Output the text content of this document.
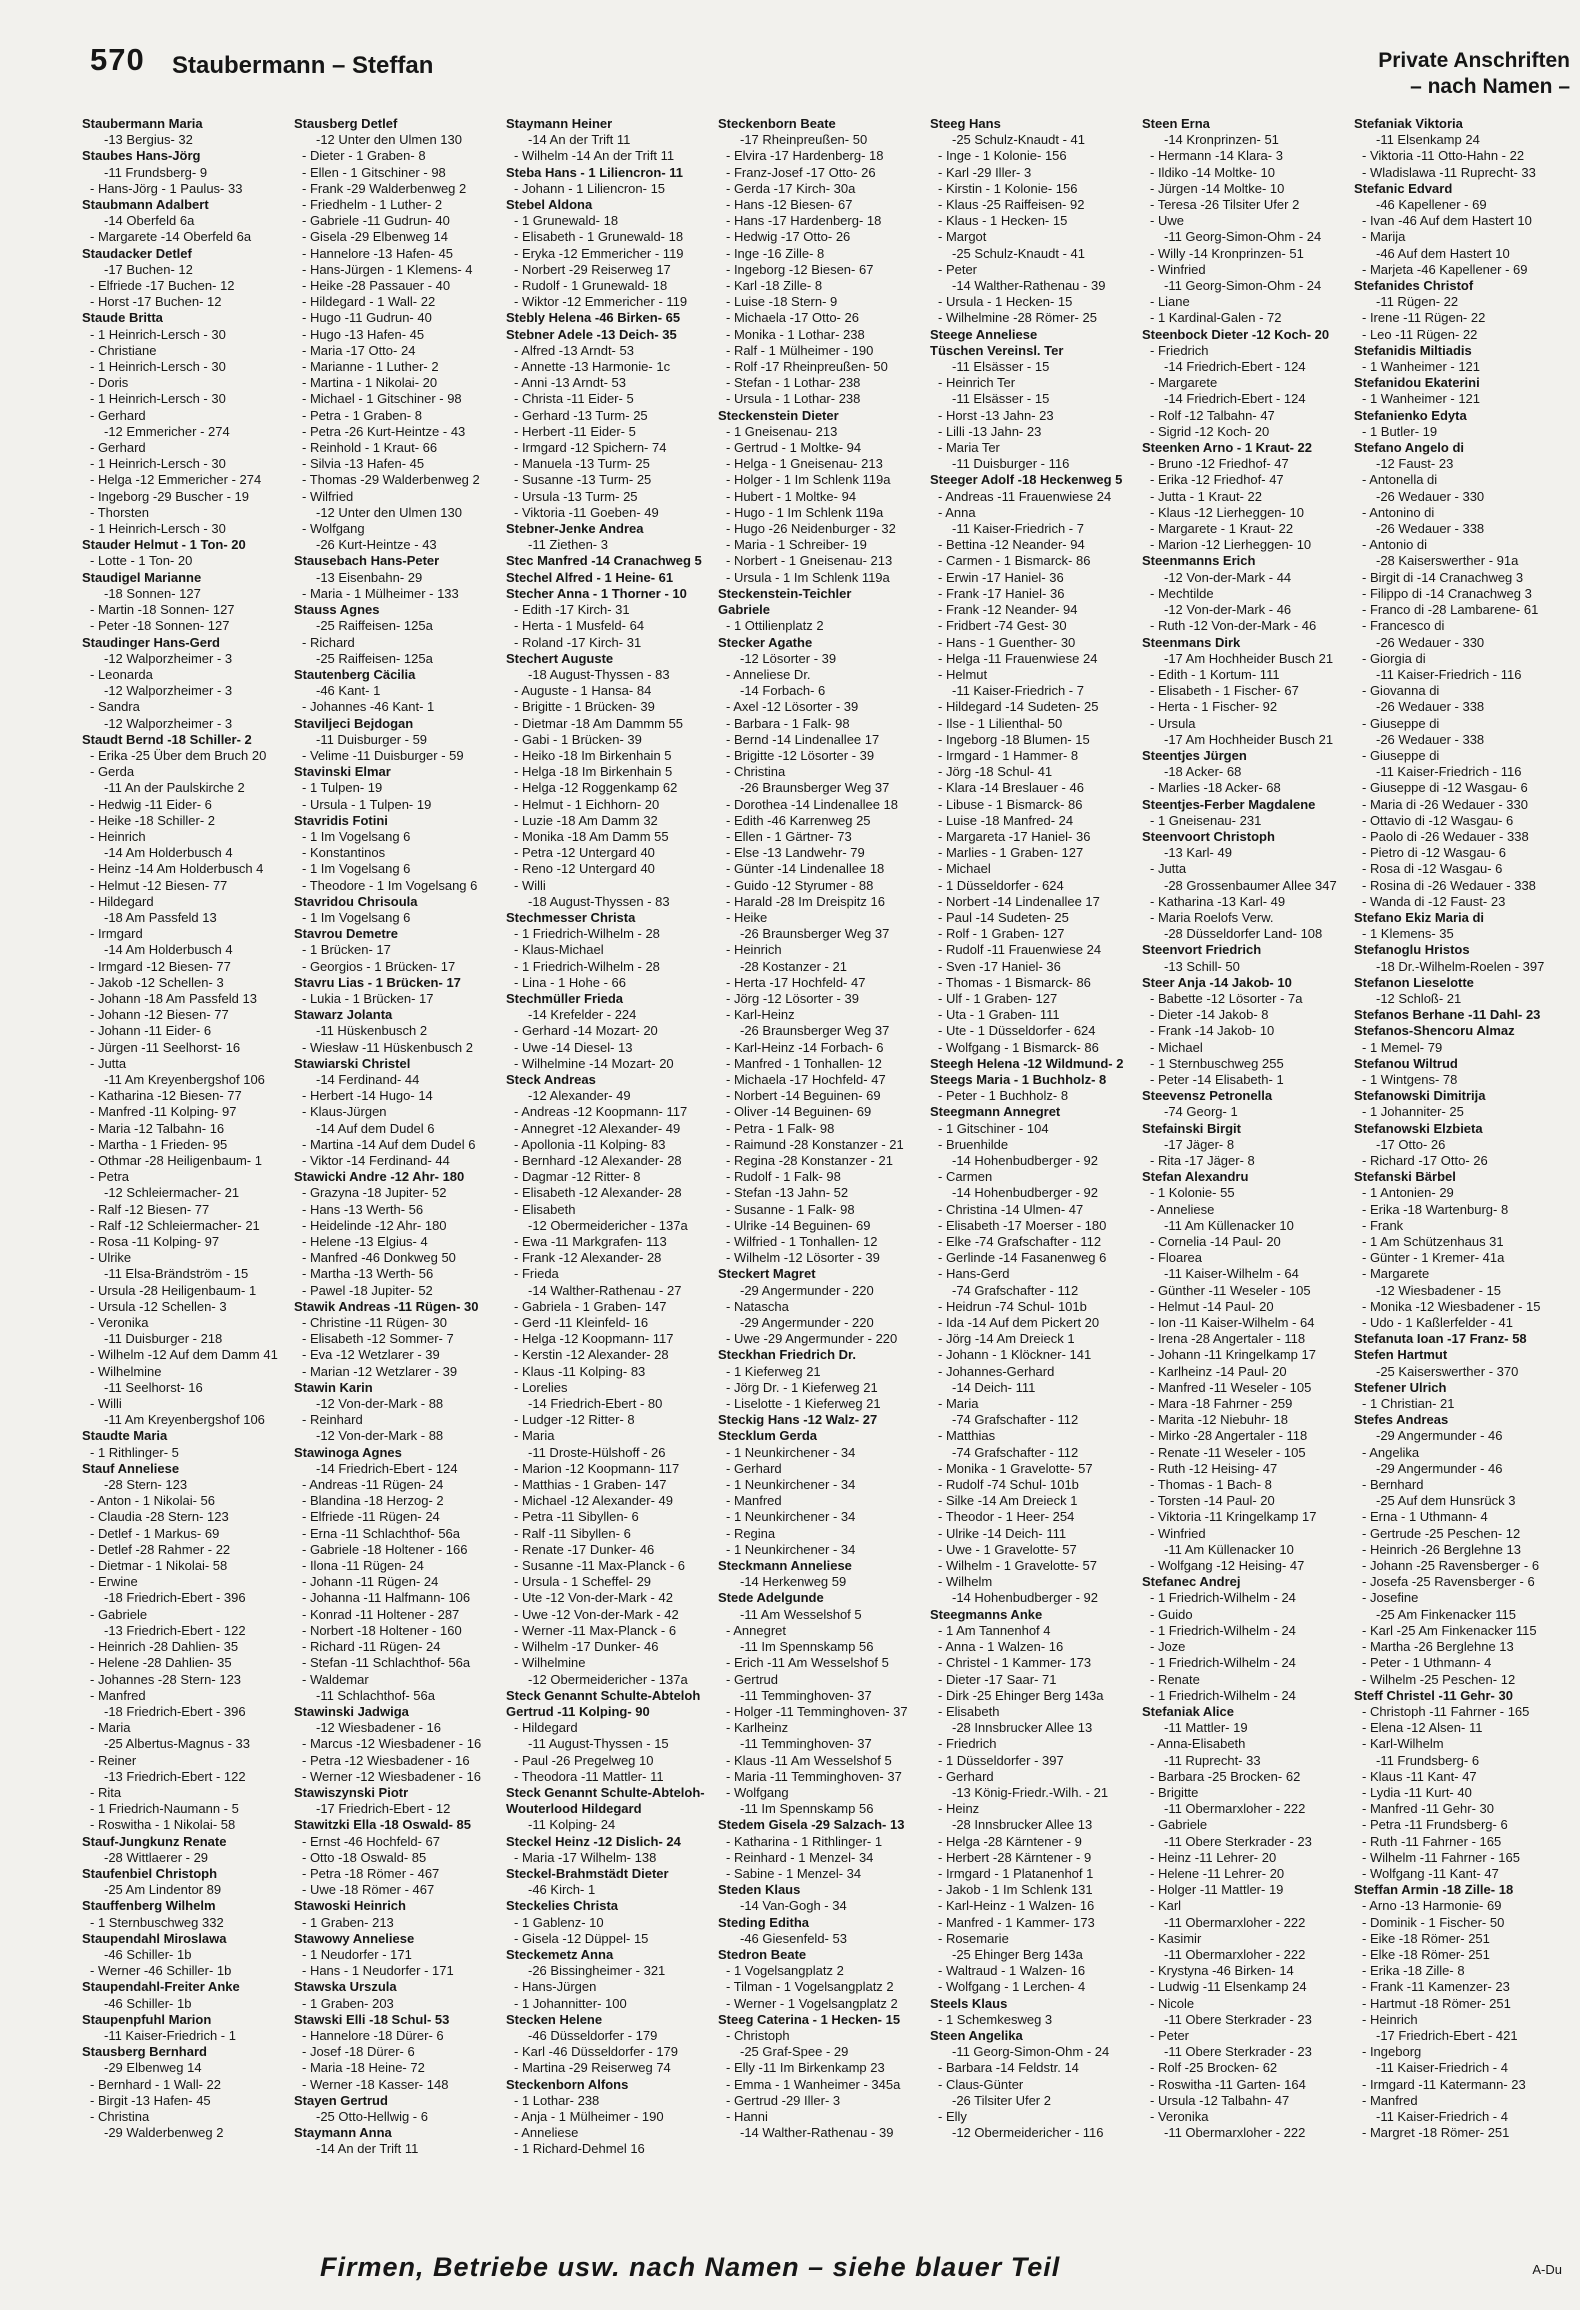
570 Staubermann – Steffan	Private Anschriften
– nach Namen –
Staubermann Maria
-13 Bergius- 32
Staubes Hans-Jörg
-11 Frundsberg- 9
- Hans-Jörg - 1 Paulus- 33
Staubmann Adalbert
-14 Oberfeld 6a
- Margarete -14 Oberfeld 6a
Staudacker Detlef
-17 Buchen- 12
- Elfriede -17 Buchen- 12
- Horst -17 Buchen- 12
Staude Britta
- 1 Heinrich-Lersch - 30
- Christiane
- 1 Heinrich-Lersch - 30
- Doris
- 1 Heinrich-Lersch - 30
- Gerhard
-12 Emmericher - 274
- Gerhard
- 1 Heinrich-Lersch - 30
- Helga -12 Emmericher - 274
- Ingeborg -29 Buscher - 19
- Thorsten
- 1 Heinrich-Lersch - 30
Stauder Helmut - 1 Ton- 20
- Lotte - 1 Ton- 20
Staudigel Marianne
-18 Sonnen- 127
- Martin -18 Sonnen- 127
- Peter -18 Sonnen- 127
Staudinger Hans-Gerd
-12 Walporzheimer - 3
- Leonarda
-12 Walporzheimer - 3
- Sandra
-12 Walporzheimer - 3
Staudt Bernd -18 Schiller- 2
- Erika -25 Über dem Bruch 20
- Gerda
-11 An der Paulskirche 2
- Hedwig -11 Eider- 6
- Heike -18 Schiller- 2
- Heinrich
-14 Am Holderbusch 4
- Heinz -14 Am Holderbusch 4
- Helmut -12 Biesen- 77
- Hildegard
-18 Am Passfeld 13
- Irmgard
-14 Am Holderbusch 4
- Irmgard -12 Biesen- 77
- Jakob -12 Schellen- 3
- Johann -18 Am Passfeld 13
- Johann -12 Biesen- 77
- Johann -11 Eider- 6
- Jürgen -11 Seelhorst- 16
- Jutta
-11 Am Kreyenbergshof 106
- Katharina -12 Biesen- 77
- Manfred -11 Kolping- 97
- Maria -12 Talbahn- 16
- Martha - 1 Frieden- 95
- Othmar -28 Heiligenbaum- 1
- Petra
-12 Schleiermacher- 21
- Ralf -12 Biesen- 77
- Ralf -12 Schleiermacher- 21
- Rosa -11 Kolping- 97
- Ulrike
-11 Elsa-Brändström - 15
- Ursula -28 Heiligenbaum- 1
- Ursula -12 Schellen- 3
- Veronika
-11 Duisburger - 218
- Wilhelm -12 Auf dem Damm 41
- Wilhelmine
-11 Seelhorst- 16
- Willi
-11 Am Kreyenbergshof 106
Staudte Maria
- 1 Rithlinger- 5
Stauf Anneliese
-28 Stern- 123
- Anton - 1 Nikolai- 56
- Claudia -28 Stern- 123
- Detlef - 1 Markus- 69
- Detlef -28 Rahmer - 22
- Dietmar - 1 Nikolai- 58
- Erwine
-18 Friedrich-Ebert - 396
- Gabriele
-13 Friedrich-Ebert - 122
- Heinrich -28 Dahlien- 35
- Helene -28 Dahlien- 35
- Johannes -28 Stern- 123
- Manfred
-18 Friedrich-Ebert - 396
- Maria
-25 Albertus-Magnus - 33
- Reiner
-13 Friedrich-Ebert - 122
- Rita
- 1 Friedrich-Naumann - 5
- Roswitha - 1 Nikolai- 58
Stauf-Jungkunz Renate
-28 Wittlaerer - 29
Staufenbiel Christoph
-25 Am Lindentor 89
Stauffenberg Wilhelm
- 1 Sternbuschweg 332
Staupendahl Miroslawa
-46 Schiller- 1b
- Werner -46 Schiller- 1b
Staupendahl-Freiter Anke
-46 Schiller- 1b
Staupenpfuhl Marion
-11 Kaiser-Friedrich - 1
Stausberg Bernhard
-29 Elbenweg 14
- Bernhard - 1 Wall- 22
- Birgit -13 Hafen- 45
- Christina
-29 Walderbenweg 2
Stausberg Detlef
-12 Unter den Ulmen 130
- Dieter - 1 Graben- 8
- Ellen - 1 Gitschiner - 98
- Frank -29 Walderbenweg 2
- Friedhelm - 1 Luther- 2
- Gabriele -11 Gudrun- 40
- Gisela -29 Elbenweg 14
- Hannelore -13 Hafen- 45
- Hans-Jürgen - 1 Klemens- 4
- Heike -28 Passauer - 40
- Hildegard - 1 Wall- 22
- Hugo -11 Gudrun- 40
- Hugo -13 Hafen- 45
- Maria -17 Otto- 24
- Marianne - 1 Luther- 2
- Martina - 1 Nikolai- 20
- Michael - 1 Gitschiner - 98
- Petra - 1 Graben- 8
- Petra -26 Kurt-Heintze - 43
- Reinhold - 1 Kraut- 66
- Silvia -13 Hafen- 45
- Thomas -29 Walderbenweg 2
- Wilfried
-12 Unter den Ulmen 130
- Wolfgang
-26 Kurt-Heintze - 43
Stausebach Hans-Peter
-13 Eisenbahn- 29
- Maria - 1 Mülheimer - 133
Stauss Agnes
-25 Raiffeisen- 125a
- Richard
-25 Raiffeisen- 125a
Stautenberg Cäcilia
-46 Kant- 1
- Johannes -46 Kant- 1
Staviljeci Bejdogan
-11 Duisburger - 59
- Velime -11 Duisburger - 59
Stavinski Elmar
- 1 Tulpen- 19
- Ursula - 1 Tulpen- 19
Stavridis Fotini
- 1 Im Vogelsang 6
- Konstantinos
- 1 Im Vogelsang 6
- Theodore - 1 Im Vogelsang 6
Stavridou Chrisoula
- 1 Im Vogelsang 6
Stavrou Demetre
- 1 Brücken- 17
- Georgios - 1 Brücken- 17
Stavru Lias - 1 Brücken- 17
- Lukia - 1 Brücken- 17
Stawarz Jolanta
-11 Hüskenbusch 2
- Wiesław -11 Hüskenbusch 2
Stawiarski Christel
-14 Ferdinand- 44
- Herbert -14 Hugo- 14
- Klaus-Jürgen
-14 Auf dem Dudel 6
- Martina -14 Auf dem Dudel 6
- Viktor -14 Ferdinand- 44
Stawicki Andre -12 Ahr- 180
- Grazyna -18 Jupiter- 52
- Hans -13 Werth- 56
- Heidelinde -12 Ahr- 180
- Helene -13 Elgius- 4
- Manfred -46 Donkweg 50
- Martha -13 Werth- 56
- Pawel -18 Jupiter- 52
Stawik Andreas -11 Rügen- 30
- Christine -11 Rügen- 30
- Elisabeth -12 Sommer- 7
- Eva -12 Wetzlarer - 39
- Marian -12 Wetzlarer - 39
Stawin Karin
-12 Von-der-Mark - 88
- Reinhard
-12 Von-der-Mark - 88
Stawinoga Agnes
-14 Friedrich-Ebert - 124
- Andreas -11 Rügen- 24
- Blandina -18 Herzog- 2
- Elfriede -11 Rügen- 24
- Erna -11 Schlachthof- 56a
- Gabriele -18 Holtener - 166
- Ilona -11 Rügen- 24
- Johann -11 Rügen- 24
- Johanna -11 Halfmann- 106
- Konrad -11 Holtener - 287
- Norbert -18 Holtener - 160
- Richard -11 Rügen- 24
- Stefan -11 Schlachthof- 56a
- Waldemar
-11 Schlachthof- 56a
Stawinski Jadwiga
-12 Wiesbadener - 16
- Marcus -12 Wiesbadener - 16
- Petra -12 Wiesbadener - 16
- Werner -12 Wiesbadener - 16
Stawiszynski Piotr
-17 Friedrich-Ebert - 12
Stawitzki Ella -18 Oswald- 85
- Ernst -46 Hochfeld- 67
- Otto -18 Oswald- 85
- Petra -18 Römer - 467
- Uwe -18 Römer - 467
Stawoski Heinrich
- 1 Graben- 213
Stawowy Anneliese
- 1 Neudorfer - 171
- Hans - 1 Neudorfer - 171
Stawska Urszula
- 1 Graben- 203
Stawski Elli -18 Schul- 53
- Hannelore -18 Dürer- 6
- Josef -18 Dürer- 6
- Maria -18 Heine- 72
- Werner -18 Kasser- 148
Stayen Gertrud
-25 Otto-Hellwig - 6
Staymann Anna
-14 An der Trift 11
Staymann Heiner
-14 An der Trift 11
- Wilhelm -14 An der Trift 11
Steba Hans - 1 Liliencron- 11
- Johann - 1 Liliencron- 15
Stebel Aldona
- 1 Grunewald- 18
- Elisabeth - 1 Grunewald- 18
- Eryka -12 Emmericher - 119
- Norbert -29 Reiserweg 17
- Rudolf - 1 Grunewald- 18
- Wiktor -12 Emmericher - 119
Stebly Helena -46 Birken- 65
Stebner Adele -13 Deich- 35
- Alfred -13 Arndt- 53
- Annette -13 Harmonie- 1c
- Anni -13 Arndt- 53
- Christa -11 Eider- 5
- Gerhard -13 Turm- 25
- Herbert -11 Eider- 5
- Irmgard -12 Spichern- 74
- Manuela -13 Turm- 25
- Susanne -13 Turm- 25
- Ursula -13 Turm- 25
- Viktoria -11 Goeben- 49
Stebner-Jenke Andrea
-11 Ziethen- 3
Stec Manfred -14 Cranachweg 5
Stechel Alfred - 1 Heine- 61
Stecher Anna - 1 Thorner - 10
- Edith -17 Kirch- 31
- Herta - 1 Musfeld- 64
- Roland -17 Kirch- 31
Stechert Auguste
-18 August-Thyssen - 83
- Auguste - 1 Hansa- 84
- Brigitte - 1 Brücken- 39
- Dietmar -18 Am Dammm 55
- Gabi - 1 Brücken- 39
- Heiko -18 Im Birkenhain 5
- Helga -18 Im Birkenhain 5
- Helga -12 Roggenkamp 62
- Helmut - 1 Eichhorn- 20
- Luzie -18 Am Damm 32
- Monika -18 Am Damm 55
- Petra -12 Untergard 40
- Reno -12 Untergard 40
- Willi
-18 August-Thyssen - 83
Stechmesser Christa
- 1 Friedrich-Wilhelm - 28
- Klaus-Michael
- 1 Friedrich-Wilhelm - 28
- Lina - 1 Hohe - 66
Stechmüller Frieda
-14 Krefelder - 224
- Gerhard -14 Mozart- 20
- Uwe -14 Diesel- 13
- Wilhelmine -14 Mozart- 20
Steck Andreas
-12 Alexander- 49
- Andreas -12 Koopmann- 117
- Annegret -12 Alexander- 49
- Apollonia -11 Kolping- 83
- Bernhard -12 Alexander- 28
- Dagmar -12 Ritter- 8
- Elisabeth -12 Alexander- 28
- Elisabeth
-12 Obermeidericher - 137a
- Ewa -11 Markgrafen- 113
- Frank -12 Alexander- 28
- Frieda
-14 Walther-Rathenau - 27
- Gabriela - 1 Graben- 147
- Gerd -11 Kleinfeld- 16
- Helga -12 Koopmann- 117
- Kerstin -12 Alexander- 28
- Klaus -11 Kolping- 83
- Lorelies
-14 Friedrich-Ebert - 80
- Ludger -12 Ritter- 8
- Maria
-11 Droste-Hülshoff - 26
- Marion -12 Koopmann- 117
- Matthias - 1 Graben- 147
- Michael -12 Alexander- 49
- Petra -11 Sibyllen- 6
- Ralf -11 Sibyllen- 6
- Renate -17 Dunker- 46
- Susanne -11 Max-Planck - 6
- Ursula - 1 Scheffel- 29
- Ute -12 Von-der-Mark - 42
- Uwe -12 Von-der-Mark - 42
- Werner -11 Max-Planck - 6
- Wilhelm -17 Dunker- 46
- Wilhelmine
-12 Obermeidericher - 137a
Steck Genannt Schulte-Abteloh
Gertrud -11 Kolping- 90
- Hildegard
-11 August-Thyssen - 15
- Paul -26 Pregelweg 10
- Theodora -11 Mattler- 11
Steck Genannt Schulte-Abteloh-
Wouterlood Hildegard
-11 Kolping- 24
Steckel Heinz -12 Dislich- 24
- Maria -17 Wilhelm- 138
Steckel-Brahmstädt Dieter
-46 Kirch- 1
Steckelies Christa
- 1 Gablenz- 10
- Gisela -12 Düppel- 15
Steckemetz Anna
-26 Bissingheimer - 321
- Hans-Jürgen
- 1 Johannitter- 100
Stecken Helene
-46 Düsseldorfer - 179
- Karl -46 Düsseldorfer - 179
- Martina -29 Reiserweg 74
Steckenborn Alfons
- 1 Lothar- 238
- Anja - 1 Mülheimer - 190
- Anneliese
- 1 Richard-Dehmel 16
Steckenborn Beate
-17 Rheinpreußen- 50
- Elvira -17 Hardenberg- 18
- Franz-Josef -17 Otto- 26
- Gerda -17 Kirch- 30a
- Hans -12 Biesen- 67
- Hans -17 Hardenberg- 18
- Hedwig -17 Otto- 26
- Inge -16 Zille- 8
- Ingeborg -12 Biesen- 67
- Karl -18 Zille- 8
- Luise -18 Stern- 9
- Michaela -17 Otto- 26
- Monika - 1 Lothar- 238
- Ralf - 1 Mülheimer - 190
- Rolf -17 Rheinpreußen- 50
- Stefan - 1 Lothar- 238
- Ursula - 1 Lothar- 238
Steckenstein Dieter
- 1 Gneisenau- 213
- Gertrud - 1 Moltke- 94
- Helga - 1 Gneisenau- 213
- Holger - 1 Im Schlenk 119a
- Hubert - 1 Moltke- 94
- Hugo - 1 Im Schlenk 119a
- Hugo -26 Neidenburger - 32
- Maria - 1 Schreiber- 19
- Norbert - 1 Gneisenau- 213
- Ursula - 1 Im Schlenk 119a
Steckenstein-Teichler
Gabriele
- 1 Ottilienplatz 2
Stecker Agathe
-12 Lösorter - 39
- Anneliese Dr.
-14 Forbach- 6
- Axel -12 Lösorter - 39
- Barbara - 1 Falk- 98
- Bernd -14 Lindenallee 17
- Brigitte -12 Lösorter - 39
- Christina
-26 Braunsberger Weg 37
- Dorothea -14 Lindenallee 18
- Edith -46 Karrenweg 25
- Ellen - 1 Gärtner- 73
- Else -13 Landwehr- 79
- Günter -14 Lindenallee 18
- Guido -12 Styrumer - 88
- Harald -28 Im Dreispitz 16
- Heike
-26 Braunsberger Weg 37
- Heinrich
-28 Kostanzer - 21
- Herta -17 Hochfeld- 47
- Jörg -12 Lösorter - 39
- Karl-Heinz
-26 Braunsberger Weg 37
- Karl-Heinz -14 Forbach- 6
- Manfred - 1 Tonhallen- 12
- Michaela -17 Hochfeld- 47
- Norbert -14 Beguinen- 69
- Oliver -14 Beguinen- 69
- Petra - 1 Falk- 98
- Raimund -28 Konstanzer - 21
- Regina -28 Konstanzer - 21
- Rudolf - 1 Falk- 98
- Stefan -13 Jahn- 52
- Susanne - 1 Falk- 98
- Ulrike -14 Beguinen- 69
- Wilfried - 1 Tonhallen- 12
- Wilhelm -12 Lösorter - 39
Steckert Magret
-29 Angermunder - 220
- Natascha
-29 Angermunder - 220
- Uwe -29 Angermunder - 220
Steckhan Friedrich Dr.
- 1 Kieferweg 21
- Jörg Dr. - 1 Kieferweg 21
- Liselotte - 1 Kieferweg 21
Steckig Hans -12 Walz- 27
Stecklum Gerda
- 1 Neunkirchener - 34
- Gerhard
- 1 Neunkirchener - 34
- Manfred
- 1 Neunkirchener - 34
- Regina
- 1 Neunkirchener - 34
Steckmann Anneliese
-14 Herkenweg 59
Stede Adelgunde
-11 Am Wesselshof 5
- Annegret
-11 Im Spennskamp 56
- Erich -11 Am Wesselshof 5
- Gertrud
-11 Temminghoven- 37
- Holger -11 Temminghoven- 37
- Karlheinz
-11 Temminghoven- 37
- Klaus -11 Am Wesselshof 5
- Maria -11 Temminghoven- 37
- Wolfgang
-11 Im Spennskamp 56
Stedem Gisela -29 Salzach- 13
- Katharina - 1 Rithlinger- 1
- Reinhard - 1 Menzel- 34
- Sabine - 1 Menzel- 34
Steden Klaus
-14 Van-Gogh - 34
Steding Editha
-46 Giesenfeld- 53
Stedron Beate
- 1 Vogelsangplatz 2
- Tilman - 1 Vogelsangplatz 2
- Werner - 1 Vogelsangplatz 2
Steeg Caterina - 1 Hecken- 15
- Christoph
-25 Graf-Spee - 29
- Elly -11 Im Birkenkamp 23
- Emma - 1 Wanheimer - 345a
- Gertrud -29 Iller- 3
- Hanni
-14 Walther-Rathenau - 39
Steeg Hans
-25 Schulz-Knaudt - 41
- Inge - 1 Kolonie- 156
- Karl -29 Iller- 3
- Kirstin - 1 Kolonie- 156
- Klaus -25 Raiffeisen- 92
- Klaus - 1 Hecken- 15
- Margot
-25 Schulz-Knaudt - 41
- Peter
-14 Walther-Rathenau - 39
- Ursula - 1 Hecken- 15
- Wilhelmine -28 Römer- 25
Steege Anneliese
Tüschen Vereinsl. Ter
-11 Elsässer - 15
- Heinrich Ter
-11 Elsässer - 15
- Horst -13 Jahn- 23
- Lilli -13 Jahn- 23
- Maria Ter
-11 Duisburger - 116
Steeger Adolf -18 Heckenweg 5
- Andreas -11 Frauenwiese 24
- Anna
-11 Kaiser-Friedrich - 7
- Bettina -12 Neander- 94
- Carmen - 1 Bismarck- 86
- Erwin -17 Haniel- 36
- Frank -17 Haniel- 36
- Frank -12 Neander- 94
- Fridbert -74 Gest- 30
- Hans - 1 Guenther- 30
- Helga -11 Frauenwiese 24
- Helmut
-11 Kaiser-Friedrich - 7
- Hildegard -14 Sudeten- 25
- Ilse - 1 Lilienthal- 50
- Ingeborg -18 Blumen- 15
- Irmgard - 1 Hammer- 8
- Jörg -18 Schul- 41
- Klara -14 Breslauer - 46
- Libuse - 1 Bismarck- 86
- Luise -18 Manfred- 24
- Margareta -17 Haniel- 36
- Marlies - 1 Graben- 127
- Michael
- 1 Düsseldorfer - 624
- Norbert -14 Lindenallee 17
- Paul -14 Sudeten- 25
- Rolf - 1 Graben- 127
- Rudolf -11 Frauenwiese 24
- Sven -17 Haniel- 36
- Thomas - 1 Bismarck- 86
- Ulf - 1 Graben- 127
- Uta - 1 Graben- 111
- Ute - 1 Düsseldorfer - 624
- Wolfgang - 1 Bismarck- 86
Steegh Helena -12 Wildmund- 2
Steegs Maria - 1 Buchholz- 8
- Peter - 1 Buchholz- 8
Steegmann Annegret
- 1 Gitschiner - 104
- Bruenhilde
-14 Hohenbudberger - 92
- Carmen
-14 Hohenbudberger - 92
- Christina -14 Ulmen- 47
- Elisabeth -17 Moerser - 180
- Elke -74 Grafschafter - 112
- Gerlinde -14 Fasanenweg 6
- Hans-Gerd
-74 Grafschafter - 112
- Heidrun -74 Schul- 101b
- Ida -14 Auf dem Pickert 20
- Jörg -14 Am Dreieck 1
- Johann - 1 Klöckner- 141
- Johannes-Gerhard
-14 Deich- 111
- Maria
-74 Grafschafter - 112
- Matthias
-74 Grafschafter - 112
- Monika - 1 Gravelotte- 57
- Rudolf -74 Schul- 101b
- Silke -14 Am Dreieck 1
- Theodor - 1 Heer- 254
- Ulrike -14 Deich- 111
- Uwe - 1 Gravelotte- 57
- Wilhelm - 1 Gravelotte- 57
- Wilhelm
-14 Hohenbudberger - 92
Steegmanns Anke
- 1 Am Tannenhof 4
- Anna - 1 Walzen- 16
- Christel - 1 Kammer- 173
- Dieter -17 Saar- 71
- Dirk -25 Ehinger Berg 143a
- Elisabeth
-28 Innsbrucker Allee 13
- Friedrich
- 1 Düsseldorfer - 397
- Gerhard
-13 König-Friedr.-Wilh. - 21
- Heinz
-28 Innsbrucker Allee 13
- Helga -28 Kärntener - 9
- Herbert -28 Kärntener - 9
- Irmgard - 1 Platanenhof 1
- Jakob - 1 Im Schlenk 131
- Karl-Heinz - 1 Walzen- 16
- Manfred - 1 Kammer- 173
- Rosemarie
-25 Ehinger Berg 143a
- Waltraud - 1 Walzen- 16
- Wolfgang - 1 Lerchen- 4
Steels Klaus
- 1 Schemkesweg 3
Steen Angelika
-11 Georg-Simon-Ohm - 24
- Barbara -14 Feldstr. 14
- Claus-Günter
-26 Tilsiter Ufer 2
- Elly
-12 Obermeidericher - 116
Steen Erna
-14 Kronprinzen- 51
- Hermann -14 Klara- 3
- Ildiko -14 Moltke- 10
- Jürgen -14 Moltke- 10
- Teresa -26 Tilsiter Ufer 2
- Uwe
-11 Georg-Simon-Ohm - 24
- Willy -14 Kronprinzen- 51
- Winfried
-11 Georg-Simon-Ohm - 24
- Liane
- 1 Kardinal-Galen - 72
Steenbock Dieter -12 Koch- 20
- Friedrich
-14 Friedrich-Ebert - 124
- Margarete
-14 Friedrich-Ebert - 124
- Rolf -12 Talbahn- 47
- Sigrid -12 Koch- 20
Steenken Arno - 1 Kraut- 22
- Bruno -12 Friedhof- 47
- Erika -12 Friedhof- 47
- Jutta - 1 Kraut- 22
- Klaus -12 Lierheggen- 10
- Margarete - 1 Kraut- 22
- Marion -12 Lierheggen- 10
Steenmanns Erich
-12 Von-der-Mark - 44
- Mechtilde
-12 Von-der-Mark - 46
- Ruth -12 Von-der-Mark - 46
Steenmans Dirk
-17 Am Hochheider Busch 21
- Edith - 1 Kortum- 111
- Elisabeth - 1 Fischer- 67
- Herta - 1 Fischer- 92
- Ursula
-17 Am Hochheider Busch 21
Steentjes Jürgen
-18 Acker- 68
- Marlies -18 Acker- 68
Steentjes-Ferber Magdalene
- 1 Gneisenau- 231
Steenvoort Christoph
-13 Karl- 49
- Jutta
-28 Grossenbaumer Allee 347
- Katharina -13 Karl- 49
- Maria Roelofs Verw.
-28 Düsseldorfer Land- 108
Steenvort Friedrich
-13 Schill- 50
Steer Anja -14 Jakob- 10
- Babette -12 Lösorter - 7a
- Dieter -14 Jakob- 8
- Frank -14 Jakob- 10
- Michael
- 1 Sternbuschweg 255
- Peter -14 Elisabeth- 1
Steevensz Petronella
-74 Georg- 1
Stefainski Birgit
-17 Jäger- 8
- Rita -17 Jäger- 8
Stefan Alexandru
- 1 Kolonie- 55
- Anneliese
-11 Am Küllenacker 10
- Cornelia -14 Paul- 20
- Floarea
-11 Kaiser-Wilhelm - 64
- Günther -11 Weseler - 105
- Helmut -14 Paul- 20
- Ion -11 Kaiser-Wilhelm - 64
- Irena -28 Angertaler - 118
- Johann -11 Kringelkamp 17
- Karlheinz -14 Paul- 20
- Manfred -11 Weseler - 105
- Mara -18 Fahrner - 259
- Marita -12 Niebuhr- 18
- Mirko -28 Angertaler - 118
- Renate -11 Weseler - 105
- Ruth -12 Heising- 47
- Thomas - 1 Bach- 8
- Torsten -14 Paul- 20
- Viktoria -11 Kringelkamp 17
- Winfried
-11 Am Küllenacker 10
- Wolfgang -12 Heising- 47
Stefanec Andrej
- 1 Friedrich-Wilhelm - 24
- Guido
- 1 Friedrich-Wilhelm - 24
- Joze
- 1 Friedrich-Wilhelm - 24
- Renate
- 1 Friedrich-Wilhelm - 24
Stefaniak Alice
-11 Mattler- 19
- Anna-Elisabeth
-11 Ruprecht- 33
- Barbara -25 Brocken- 62
- Brigitte
-11 Obermarxloher - 222
- Gabriele
-11 Obere Sterkrader - 23
- Heinz -11 Lehrer- 20
- Helene -11 Lehrer- 20
- Holger -11 Mattler- 19
- Karl
-11 Obermarxloher - 222
- Kasimir
-11 Obermarxloher - 222
- Krystyna -46 Birken- 14
- Ludwig -11 Elsenkamp 24
- Nicole
-11 Obere Sterkrader - 23
- Peter
-11 Obere Sterkrader - 23
- Rolf -25 Brocken- 62
- Roswitha -11 Garten- 164
- Ursula -12 Talbahn- 47
- Veronika
-11 Obermarxloher - 222
Stefaniak Viktoria
-11 Elsenkamp 24
- Viktoria -11 Otto-Hahn - 22
- Wladislawa -11 Ruprecht- 33
Stefanic Edvard
-46 Kapellener - 69
- Ivan -46 Auf dem Hastert 10
- Marija
-46 Auf dem Hastert 10
- Marjeta -46 Kapellener - 69
Stefanides Christof
-11 Rügen- 22
- Irene -11 Rügen- 22
- Leo -11 Rügen- 22
Stefanidis Miltiadis
- 1 Wanheimer - 121
Stefanidou Ekaterini
- 1 Wanheimer - 121
Stefanienko Edyta
- 1 Butler- 19
Stefano Angelo di
-12 Faust- 23
- Antonella di
-26 Wedauer - 330
- Antonino di
-26 Wedauer - 338
- Antonio di
-28 Kaiserswerther - 91a
- Birgit di -14 Cranachweg 3
- Filippo di -14 Cranachweg 3
- Franco di -28 Lambarene- 61
- Francesco di
-26 Wedauer - 330
- Giorgia di
-11 Kaiser-Friedrich - 116
- Giovanna di
-26 Wedauer - 338
- Giuseppe di
-26 Wedauer - 338
- Giuseppe di
-11 Kaiser-Friedrich - 116
- Giuseppe di -12 Wasgau- 6
- Maria di -26 Wedauer - 330
- Ottavio di -12 Wasgau- 6
- Paolo di -26 Wedauer - 338
- Pietro di -12 Wasgau- 6
- Rosa di -12 Wasgau- 6
- Rosina di -26 Wedauer - 338
- Wanda di -12 Faust- 23
Stefano Ekiz Maria di
- 1 Klemens- 35
Stefanoglu Hristos
-18 Dr.-Wilhelm-Roelen - 397
Stefanon Lieselotte
-12 Schloß- 21
Stefanos Berhane -11 Dahl- 23
Stefanos-Shencoru Almaz
- 1 Memel- 79
Stefanou Wiltrud
- 1 Wintgens- 78
Stefanowski Dimitrija
- 1 Johanniter- 25
Stefanowski Elzbieta
-17 Otto- 26
- Richard -17 Otto- 26
Stefanski Bärbel
- 1 Antonien- 29
- Erika -18 Wartenburg- 8
- Frank
- 1 Am Schützenhaus 31
- Günter - 1 Kremer- 41a
- Margarete
-12 Wiesbadener - 15
- Monika -12 Wiesbadener - 15
- Udo - 1 Kaßlerfelder - 41
Stefanuta Ioan -17 Franz- 58
Stefen Hartmut
-25 Kaiserswerther - 370
Stefener Ulrich
- 1 Christian- 21
Stefes Andreas
-29 Angermunder - 46
- Angelika
-29 Angermunder - 46
- Bernhard
-25 Auf dem Hunsrück 3
- Erna - 1 Uthmann- 4
- Gertrude -25 Peschen- 12
- Heinrich -26 Berglehne 13
- Johann -25 Ravensberger - 6
- Josefa -25 Ravensberger - 6
- Josefine
-25 Am Finkenacker 115
- Karl -25 Am Finkenacker 115
- Martha -26 Berglehne 13
- Peter - 1 Uthmann- 4
- Wilhelm -25 Peschen- 12
Steff Christel -11 Gehr- 30
- Christoph -11 Fahrner - 165
- Elena -12 Alsen- 11
- Karl-Wilhelm
-11 Frundsberg- 6
- Klaus -11 Kant- 47
- Lydia -11 Kurt- 40
- Manfred -11 Gehr- 30
- Petra -11 Frundsberg- 6
- Ruth -11 Fahrner - 165
- Wilhelm -11 Fahrner - 165
- Wolfgang -11 Kant- 47
Steffan Armin -18 Zille- 18
- Arno -13 Harmonie- 69
- Dominik - 1 Fischer- 50
- Eike -18 Römer- 251
- Elke -18 Römer- 251
- Erika -18 Zille- 8
- Frank -11 Kamenzer- 23
- Hartmut -18 Römer- 251
- Heinrich
-17 Friedrich-Ebert - 421
- Ingeborg
-11 Kaiser-Friedrich - 4
- Irmgard -11 Katermann- 23
- Manfred
-11 Kaiser-Friedrich - 4
- Margret -18 Römer- 251
Firmen, Betriebe usw. nach Namen – siehe blauer Teil	A-Du
